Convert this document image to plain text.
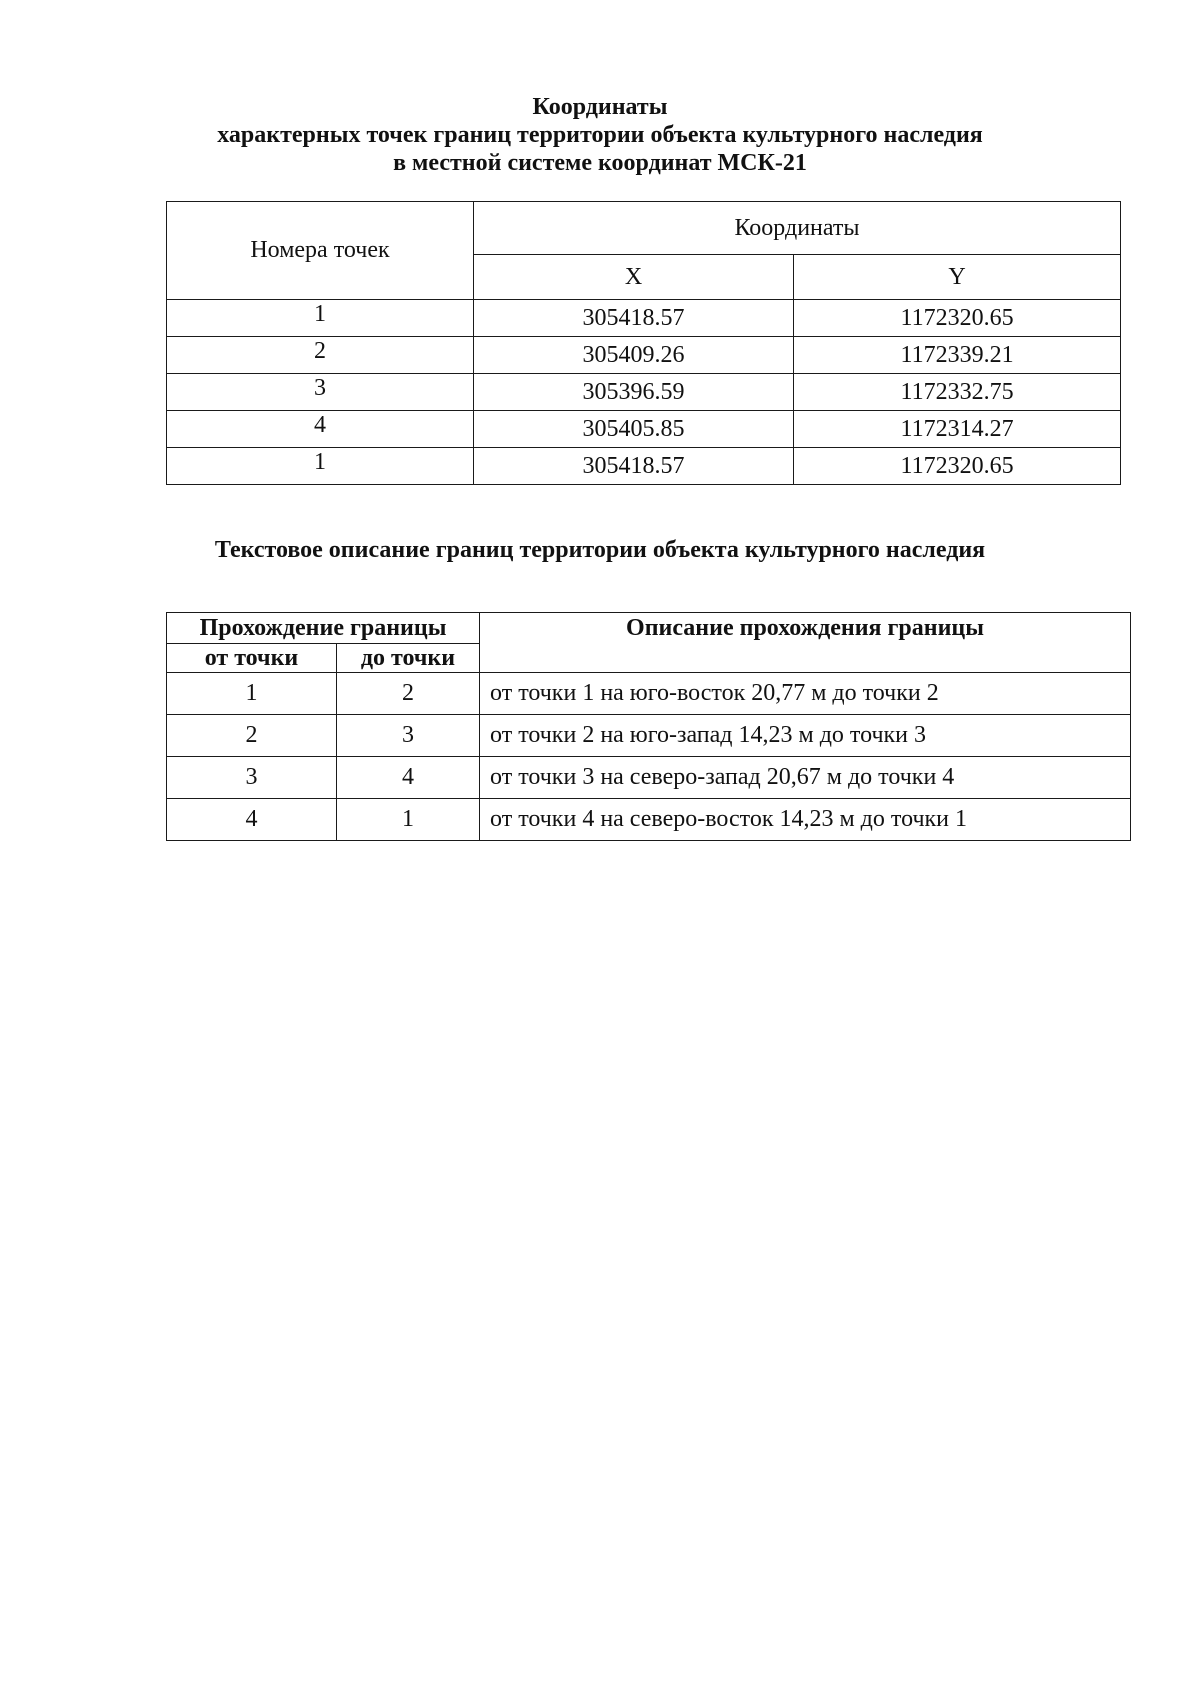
Координаты
характерных точек границ территории объекта культурного наследия
в местной системе координат МСК-21
Номера точек	Координаты	
	X	Y
1	305418.57	1172320.65
2	305409.26	1172339.21
3	305396.59	1172332.75
4	305405.85	1172314.27
1	305418.57	1172320.65
Текстовое описание границ территории объекта культурного наследия
Прохождение границы		Описание прохождения границы
от точки	до точки	
1	2	от точки 1 на юго-восток 20,77 м до точки 2
2	3	от точки 2 на юго-запад 14,23 м до точки 3
3	4	от точки 3 на северо-запад 20,67 м до точки 4
4	1	от точки 4 на северо-восток 14,23 м до точки 1
